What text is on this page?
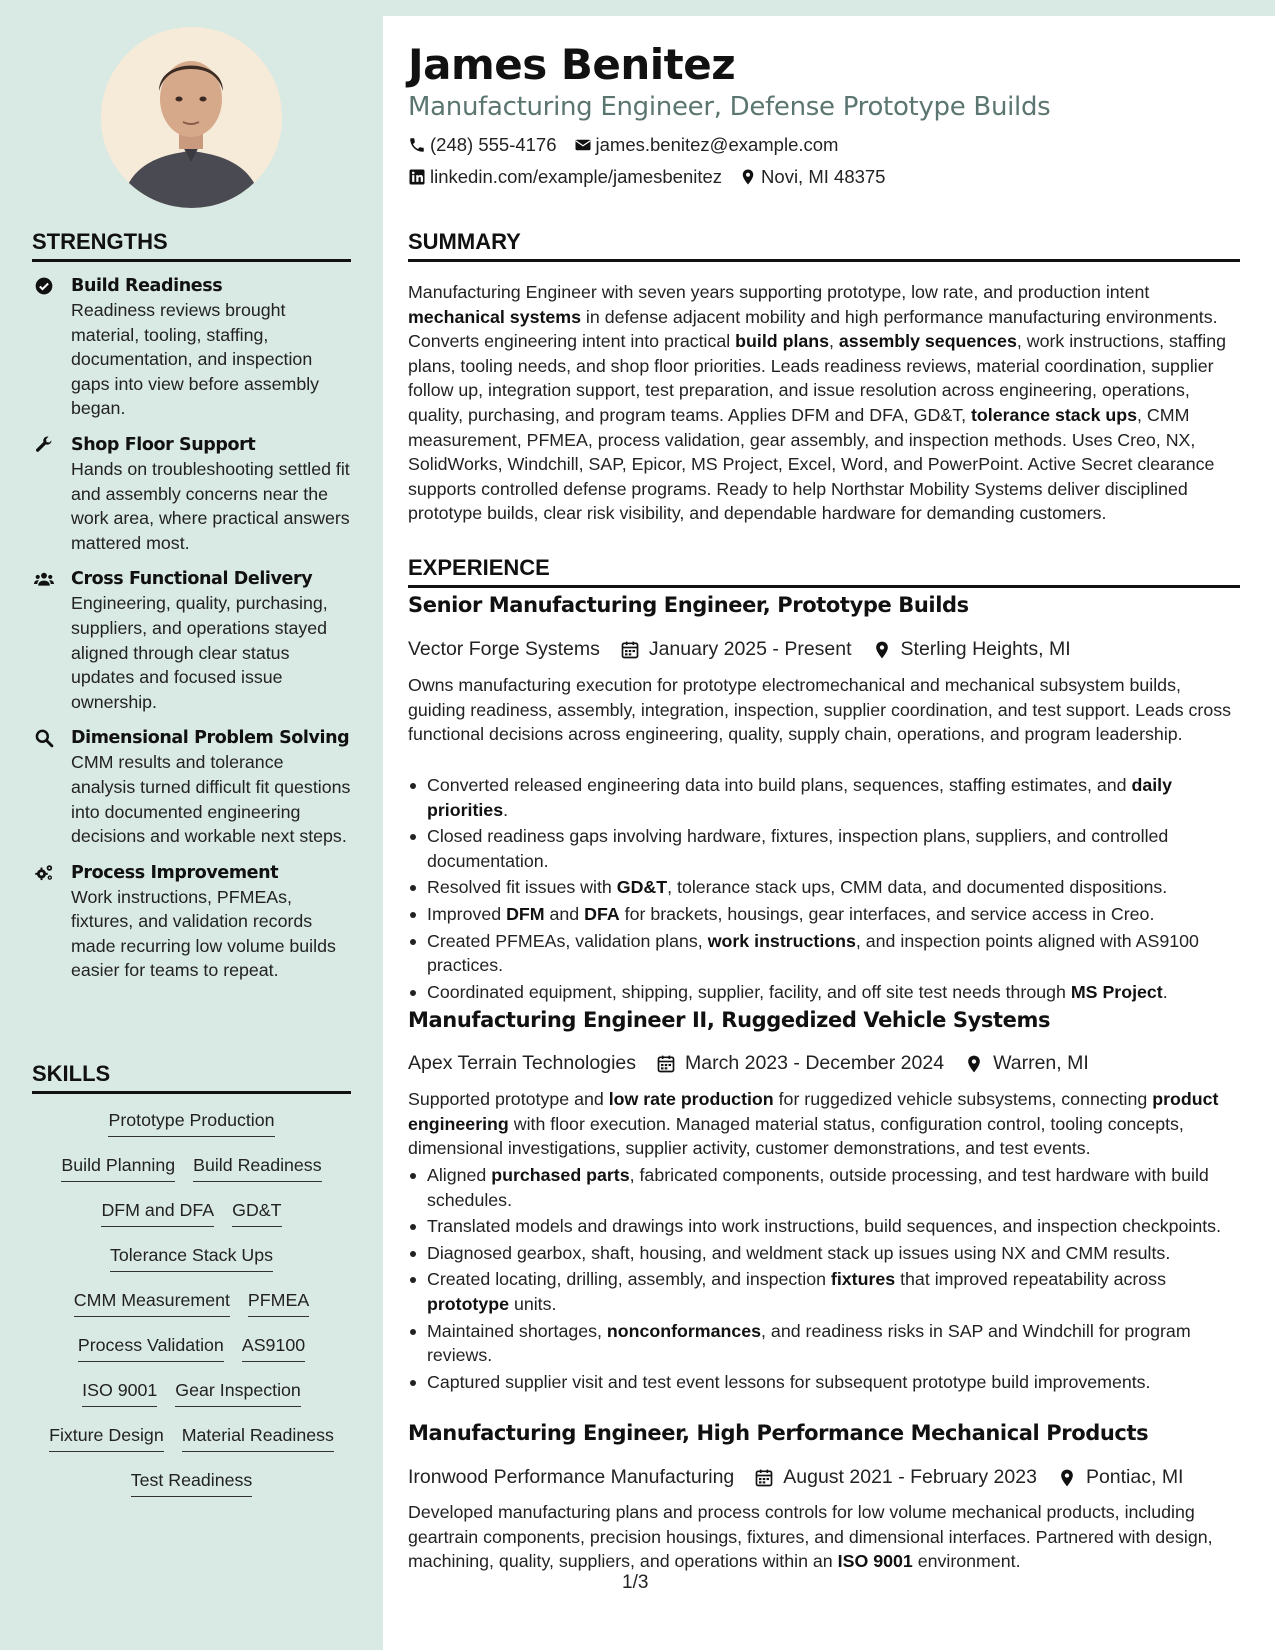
STRENGTHS
Build Readiness
Readiness reviews brought material, tooling, staffing, documentation, and inspection gaps into view before assembly began.
Shop Floor Support
Hands on troubleshooting settled fit and assembly concerns near the work area, where practical answers mattered most.
Cross Functional Delivery
Engineering, quality, purchasing, suppliers, and operations stayed aligned through clear status updates and focused issue ownership.
Dimensional Problem Solving
CMM results and tolerance analysis turned difficult fit questions into documented engineering decisions and workable next steps.
Process Improvement
Work instructions, PFMEAs, fixtures, and validation records made recurring low volume builds easier for teams to repeat.
SKILLS
Prototype Production
Build Planning Build Readiness
DFM and DFA GD&T
Tolerance Stack Ups
CMM Measurement PFMEA
Process Validation AS9100
ISO 9001 Gear Inspection
Fixture Design Material Readiness
Test Readiness
James Benitez
Manufacturing Engineer, Defense Prototype Builds
(248) 555-4176 james.benitez@example.com
linkedin.com/example/jamesbenitez Novi, MI 48375
SUMMARY
Manufacturing Engineer with seven years supporting prototype, low rate, and production intent mechanical systems in defense adjacent mobility and high performance manufacturing environments. Converts engineering intent into practical build plans, assembly sequences, work instructions, staffing plans, tooling needs, and shop floor priorities. Leads readiness reviews, material coordination, supplier follow up, integration support, test preparation, and issue resolution across engineering, operations, quality, purchasing, and program teams. Applies DFM and DFA, GD&T, tolerance stack ups, CMM measurement, PFMEA, process validation, gear assembly, and inspection methods. Uses Creo, NX, SolidWorks, Windchill, SAP, Epicor, MS Project, Excel, Word, and PowerPoint. Active Secret clearance supports controlled defense programs. Ready to help Northstar Mobility Systems deliver disciplined prototype builds, clear risk visibility, and dependable hardware for demanding customers.
EXPERIENCE
Senior Manufacturing Engineer, Prototype Builds
Vector Forge Systems	January 2025 - Present	Sterling Heights, MI
Owns manufacturing execution for prototype electromechanical and mechanical subsystem builds, guiding readiness, assembly, integration, inspection, supplier coordination, and test support. Leads cross functional decisions across engineering, quality, supply chain, operations, and program leadership.
Converted released engineering data into build plans, sequences, staffing estimates, and daily priorities.
Closed readiness gaps involving hardware, fixtures, inspection plans, suppliers, and controlled documentation.
Resolved fit issues with GD&T, tolerance stack ups, CMM data, and documented dispositions.
Improved DFM and DFA for brackets, housings, gear interfaces, and service access in Creo.
Created PFMEAs, validation plans, work instructions, and inspection points aligned with AS9100 practices.
Coordinated equipment, shipping, supplier, facility, and off site test needs through MS Project.
Manufacturing Engineer II, Ruggedized Vehicle Systems
Apex Terrain Technologies	March 2023 - December 2024	Warren, MI
Supported prototype and low rate production for ruggedized vehicle subsystems, connecting product engineering with floor execution. Managed material status, configuration control, tooling concepts, dimensional investigations, supplier activity, customer demonstrations, and test events.
Aligned purchased parts, fabricated components, outside processing, and test hardware with build schedules.
Translated models and drawings into work instructions, build sequences, and inspection checkpoints.
Diagnosed gearbox, shaft, housing, and weldment stack up issues using NX and CMM results.
Created locating, drilling, assembly, and inspection fixtures that improved repeatability across prototype units.
Maintained shortages, nonconformances, and readiness risks in SAP and Windchill for program reviews.
Captured supplier visit and test event lessons for subsequent prototype build improvements.
Manufacturing Engineer, High Performance Mechanical Products
Ironwood Performance Manufacturing	August 2021 - February 2023	Pontiac, MI
Developed manufacturing plans and process controls for low volume mechanical products, including geartrain components, precision housings, fixtures, and dimensional interfaces. Partnered with design, machining, quality, suppliers, and operations within an ISO 9001 environment.
1/3
